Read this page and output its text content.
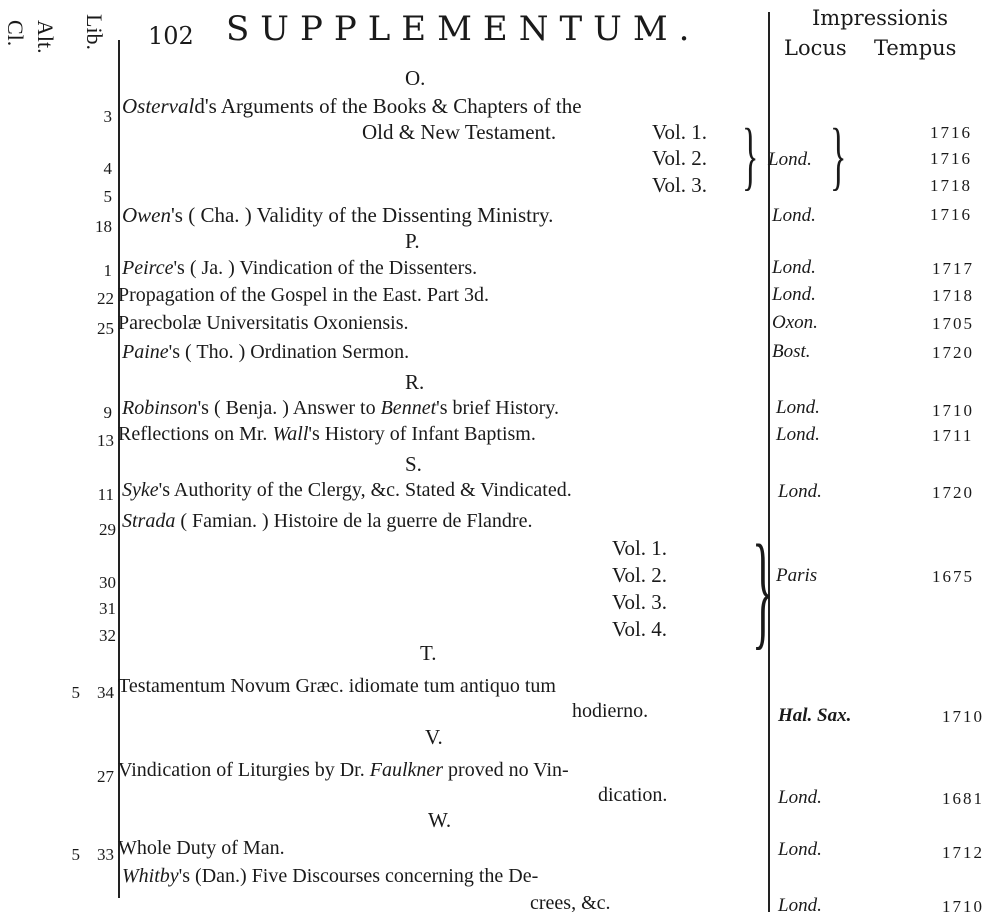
Cl. Alt. Lib. 102 SUPPLEMENTUM.	Impressionis
Locus Tempus
O.
P.
R.
S.
T.
V.
W.
3 Ostervald's Arguments of the Books & Chapters of the
Old & New Testament.	Vol. 1.	1716
4	Vol. 2.	Lond.	1716
5	Vol. 3.	1718
} }
18 Owen's ( Cha. ) Validity of the Dissenting Ministry.	Lond.	1716
1 Peirce's ( Ja. ) Vindication of the Dissenters.	Lond.	1717
22 Propagation of the Gospel in the East. Part 3d.	Lond.	1718
25 Parecbolæ Universitatis Oxoniensis.	Oxon.	1705
Paine's ( Tho. ) Ordination Sermon.	Bost.	1720
9 Robinson's ( Benja. ) Answer to Bennet's brief History.	Lond.	1710
13 Reflections on Mr. Wall's History of Infant Baptism.	Lond.	1711
11 Syke's Authority of the Clergy, &c. Stated & Vindicated.	Lond.	1720
29 Strada ( Famian. ) Histoire de la guerre de Flandre.
Vol. 1.
30	Vol. 2.	Paris	1675
31	Vol. 3.
32	Vol. 4. }
5	34 Testamentum Novum Græc. idiomate tum antiquo tum
hodierno.	Hal. Sax.	1710
27 Vindication of Liturgies by Dr. Faulkner proved no Vin-
dication.	Lond.	1681
5	33 Whole Duty of Man.	Lond.	1712
Whitby's (Dan.) Five Discourses concerning the De-
crees, &c.	Lond.	1710
